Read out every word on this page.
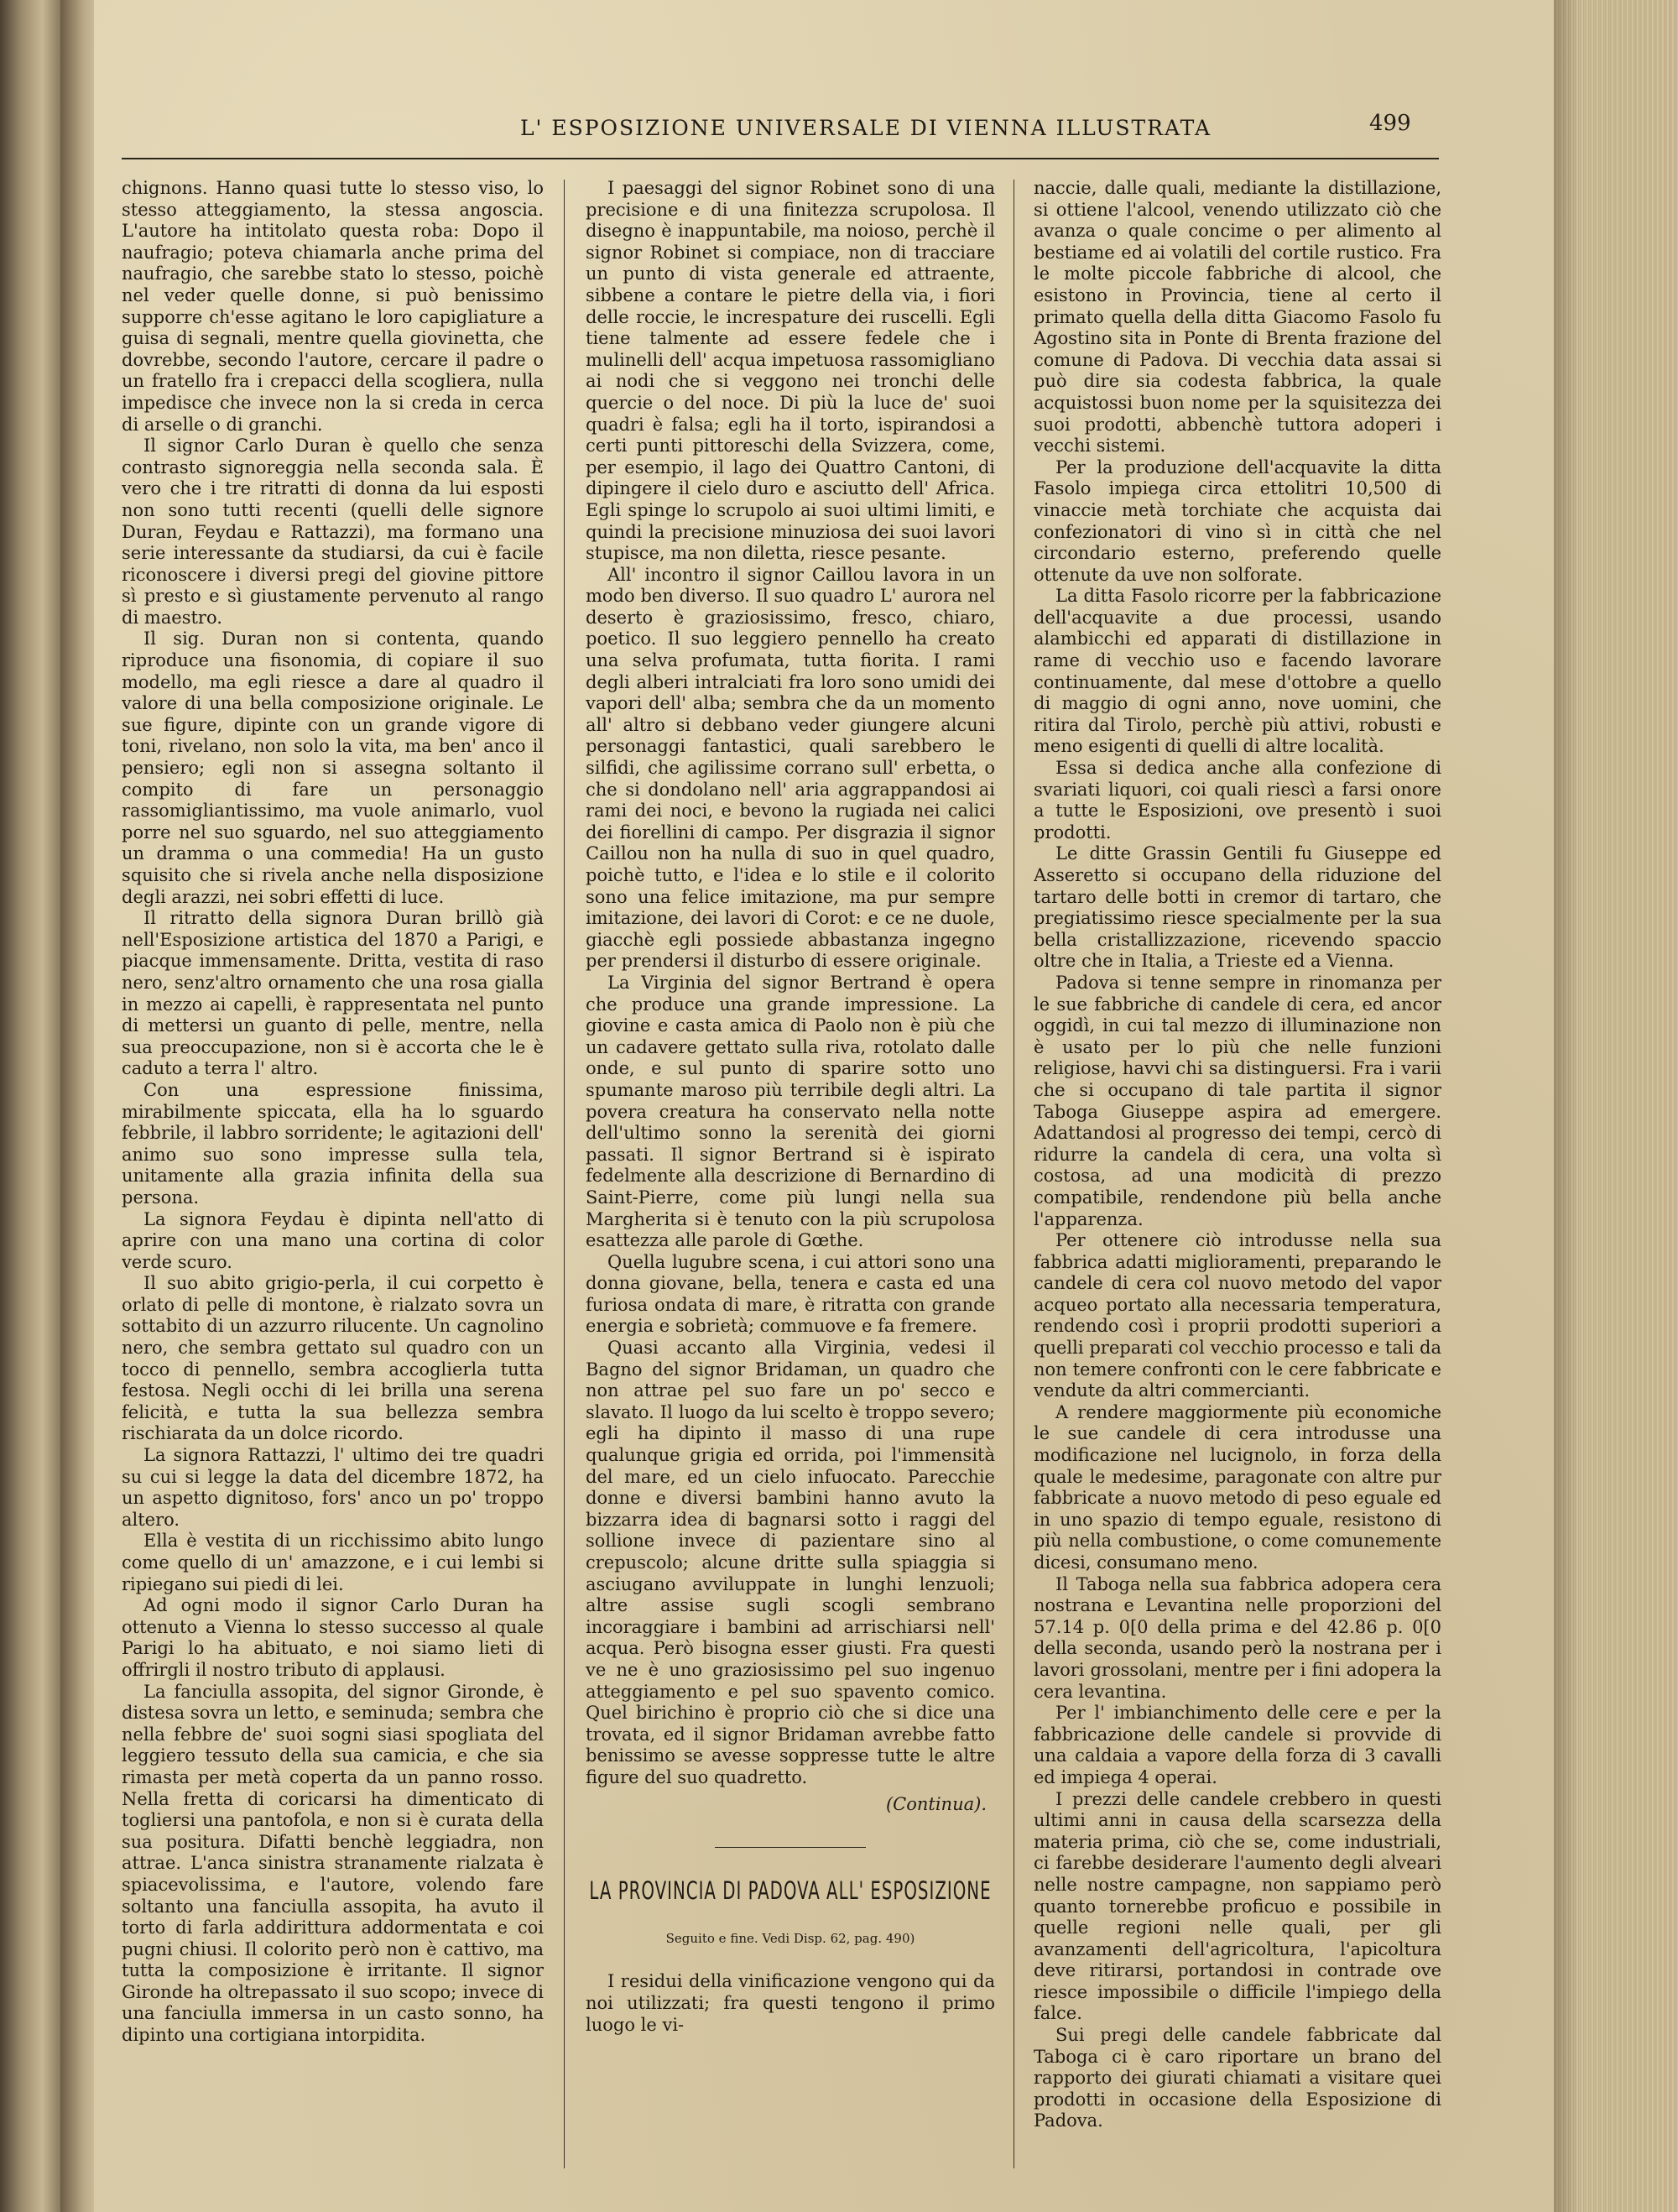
L' ESPOSIZIONE UNIVERSALE DI VIENNA ILLUSTRATA	499

chignons. Hanno quasi tutte lo stesso viso, lo stesso atteggiamento, la stessa angoscia. L'autore ha intitolato questa roba: Dopo il naufragio; poteva chiamarla anche prima del naufragio, che sarebbe stato lo stesso, poichè nel veder quelle donne, si può benissimo supporre ch'esse agitano le loro capigliature a guisa di segnali, mentre quella giovinetta, che dovrebbe, secondo l'autore, cercare il padre o un fratello fra i crepacci della scogliera, nulla impedisce che invece non la si creda in cerca di arselle o di granchi.

Il signor Carlo Duran è quello che senza contrasto signoreggia nella seconda sala. È vero che i tre ritratti di donna da lui esposti non sono tutti recenti (quelli delle signore Duran, Feydau e Rattazzi), ma formano una serie interessante da studiarsi, da cui è facile riconoscere i diversi pregi del giovine pittore sì presto e sì giustamente pervenuto al rango di maestro.

Il sig. Duran non si contenta, quando riproduce una fisonomia, di copiare il suo modello, ma egli riesce a dare al quadro il valore di una bella composizione originale. Le sue figure, dipinte con un grande vigore di toni, rivelano, non solo la vita, ma ben' anco il pensiero; egli non si assegna soltanto il compito di fare un personaggio rassomigliantissimo, ma vuole animarlo, vuol porre nel suo sguardo, nel suo atteggiamento un dramma o una commedia! Ha un gusto squisito che si rivela anche nella disposizione degli arazzi, nei sobri effetti di luce.

Il ritratto della signora Duran brillò già nell'Esposizione artistica del 1870 a Parigi, e piacque immensamente. Dritta, vestita di raso nero, senz'altro ornamento che una rosa gialla in mezzo ai capelli, è rappresentata nel punto di mettersi un guanto di pelle, mentre, nella sua preoccupazione, non si è accorta che le è caduto a terra l' altro.

Con una espressione finissima, mirabilmente spiccata, ella ha lo sguardo febbrile, il labbro sorridente; le agitazioni dell' animo suo sono impresse sulla tela, unitamente alla grazia infinita della sua persona.

La signora Feydau è dipinta nell'atto di aprire con una mano una cortina di color verde scuro.

Il suo abito grigio-perla, il cui corpetto è orlato di pelle di montone, è rialzato sovra un sottabito di un azzurro rilucente. Un cagnolino nero, che sembra gettato sul quadro con un tocco di pennello, sembra accoglierla tutta festosa. Negli occhi di lei brilla una serena felicità, e tutta la sua bellezza sembra rischiarata da un dolce ricordo.

La signora Rattazzi, l' ultimo dei tre quadri su cui si legge la data del dicembre 1872, ha un aspetto dignitoso, fors' anco un po' troppo altero.

Ella è vestita di un ricchissimo abito lungo come quello di un' amazzone, e i cui lembi si ripiegano sui piedi di lei.

Ad ogni modo il signor Carlo Duran ha ottenuto a Vienna lo stesso successo al quale Parigi lo ha abituato, e noi siamo lieti di offrirgli il nostro tributo di applausi.

La fanciulla assopita, del signor Gironde, è distesa sovra un letto, e seminuda; sembra che nella febbre de' suoi sogni siasi spogliata del leggiero tessuto della sua camicia, e che sia rimasta per metà coperta da un panno rosso. Nella fretta di coricarsi ha dimenticato di togliersi una pantofola, e non si è curata della sua positura. Difatti benchè leggiadra, non attrae. L'anca sinistra stranamente rialzata è spiacevolissima, e l'autore, volendo fare soltanto una fanciulla assopita, ha avuto il torto di farla addirittura addormentata e coi pugni chiusi. Il colorito però non è cattivo, ma tutta la composizione è irritante. Il signor Gironde ha oltrepassato il suo scopo; invece di una fanciulla immersa in un casto sonno, ha dipinto una cortigiana intorpidita.

I paesaggi del signor Robinet sono di una precisione e di una finitezza scrupolosa. Il disegno è inappuntabile, ma noioso, perchè il signor Robinet si compiace, non di tracciare un punto di vista generale ed attraente, sibbene a contare le pietre della via, i fiori delle roccie, le increspature dei ruscelli. Egli tiene talmente ad essere fedele che i mulinelli dell' acqua impetuosa rassomigliano ai nodi che si veggono nei tronchi delle quercie o del noce. Di più la luce de' suoi quadri è falsa; egli ha il torto, ispirandosi a certi punti pittoreschi della Svizzera, come, per esempio, il lago dei Quattro Cantoni, di dipingere il cielo duro e asciutto dell' Africa. Egli spinge lo scrupolo ai suoi ultimi limiti, e quindi la precisione minuziosa dei suoi lavori stupisce, ma non diletta, riesce pesante.

All' incontro il signor Caillou lavora in un modo ben diverso. Il suo quadro L' aurora nel deserto è graziosissimo, fresco, chiaro, poetico. Il suo leggiero pennello ha creato una selva profumata, tutta fiorita. I rami degli alberi intralciati fra loro sono umidi dei vapori dell' alba; sembra che da un momento all' altro si debbano veder giungere alcuni personaggi fantastici, quali sarebbero le silfidi, che agilissime corrano sull' erbetta, o che si dondolano nell' aria aggrappandosi ai rami dei noci, e bevono la rugiada nei calici dei fiorellini di campo. Per disgrazia il signor Caillou non ha nulla di suo in quel quadro, poichè tutto, e l'idea e lo stile e il colorito sono una felice imitazione, ma pur sempre imitazione, dei lavori di Corot: e ce ne duole, giacchè egli possiede abbastanza ingegno per prendersi il disturbo di essere originale.

La Virginia del signor Bertrand è opera che produce una grande impressione. La giovine e casta amica di Paolo non è più che un cadavere gettato sulla riva, rotolato dalle onde, e sul punto di sparire sotto uno spumante maroso più terribile degli altri. La povera creatura ha conservato nella notte dell'ultimo sonno la serenità dei giorni passati. Il signor Bertrand si è ispirato fedelmente alla descrizione di Bernardino di Saint-Pierre, come più lungi nella sua Margherita si è tenuto con la più scrupolosa esattezza alle parole di Gœthe.

Quella lugubre scena, i cui attori sono una donna giovane, bella, tenera e casta ed una furiosa ondata di mare, è ritratta con grande energia e sobrietà; commuove e fa fremere.

Quasi accanto alla Virginia, vedesi il Bagno del signor Bridaman, un quadro che non attrae pel suo fare un po' secco e slavato. Il luogo da lui scelto è troppo severo; egli ha dipinto il masso di una rupe qualunque grigia ed orrida, poi l'immensità del mare, ed un cielo infuocato. Parecchie donne e diversi bambini hanno avuto la bizzarra idea di bagnarsi sotto i raggi del sollione invece di pazientare sino al crepuscolo; alcune dritte sulla spiaggia si asciugano avviluppate in lunghi lenzuoli; altre assise sugli scogli sembrano incoraggiare i bambini ad arrischiarsi nell' acqua. Però bisogna esser giusti. Fra questi ve ne è uno graziosissimo pel suo ingenuo atteggiamento e pel suo spavento comico. Quel birichino è proprio ciò che si dice una trovata, ed il signor Bridaman avrebbe fatto benissimo se avesse soppresse tutte le altre figure del suo quadretto.

(Continua).
LA PROVINCIA DI PADOVA ALL' ESPOSIZIONE
Seguito e fine. Vedi Disp. 62, pag. 490)

I residui della vinificazione vengono qui da noi utilizzati; fra questi tengono il primo luogo le vi-

naccie, dalle quali, mediante la distillazione, si ottiene l'alcool, venendo utilizzato ciò che avanza o quale concime o per alimento al bestiame ed ai volatili del cortile rustico. Fra le molte piccole fabbriche di alcool, che esistono in Provincia, tiene al certo il primato quella della ditta Giacomo Fasolo fu Agostino sita in Ponte di Brenta frazione del comune di Padova. Di vecchia data assai si può dire sia codesta fabbrica, la quale acquistossi buon nome per la squisitezza dei suoi prodotti, abbenchè tuttora adoperi i vecchi sistemi.

Per la produzione dell'acquavite la ditta Fasolo impiega circa ettolitri 10,500 di vinaccie metà torchiate che acquista dai confezionatori di vino sì in città che nel circondario esterno, preferendo quelle ottenute da uve non solforate.

La ditta Fasolo ricorre per la fabbricazione dell'acquavite a due processi, usando alambicchi ed apparati di distillazione in rame di vecchio uso e facendo lavorare continuamente, dal mese d'ottobre a quello di maggio di ogni anno, nove uomini, che ritira dal Tirolo, perchè più attivi, robusti e meno esigenti di quelli di altre località.

Essa si dedica anche alla confezione di svariati liquori, coi quali riescì a farsi onore a tutte le Esposizioni, ove presentò i suoi prodotti.

Le ditte Grassin Gentili fu Giuseppe ed Asseretto si occupano della riduzione del tartaro delle botti in cremor di tartaro, che pregiatissimo riesce specialmente per la sua bella cristallizzazione, ricevendo spaccio oltre che in Italia, a Trieste ed a Vienna.

Padova si tenne sempre in rinomanza per le sue fabbriche di candele di cera, ed ancor oggidì, in cui tal mezzo di illuminazione non è usato per lo più che nelle funzioni religiose, havvi chi sa distinguersi. Fra i varii che si occupano di tale partita il signor Taboga Giuseppe aspira ad emergere. Adattandosi al progresso dei tempi, cercò di ridurre la candela di cera, una volta sì costosa, ad una modicità di prezzo compatibile, rendendone più bella anche l'apparenza.

Per ottenere ciò introdusse nella sua fabbrica adatti miglioramenti, preparando le candele di cera col nuovo metodo del vapor acqueo portato alla necessaria temperatura, rendendo così i proprii prodotti superiori a quelli preparati col vecchio processo e tali da non temere confronti con le cere fabbricate e vendute da altri commercianti.

A rendere maggiormente più economiche le sue candele di cera introdusse una modificazione nel lucignolo, in forza della quale le medesime, paragonate con altre pur fabbricate a nuovo metodo di peso eguale ed in uno spazio di tempo eguale, resistono di più nella combustione, o come comunemente dicesi, consumano meno.

Il Taboga nella sua fabbrica adopera cera nostrana e Levantina nelle proporzioni del 57.14 p. 0[0 della prima e del 42.86 p. 0[0 della seconda, usando però la nostrana per i lavori grossolani, mentre per i fini adopera la cera levantina.

Per l' imbianchimento delle cere e per la fabbricazione delle candele si provvide di una caldaia a vapore della forza di 3 cavalli ed impiega 4 operai.

I prezzi delle candele crebbero in questi ultimi anni in causa della scarsezza della materia prima, ciò che se, come industriali, ci farebbe desiderare l'aumento degli alveari nelle nostre campagne, non sappiamo però quanto tornerebbe proficuo e possibile in quelle regioni nelle quali, per gli avanzamenti dell'agricoltura, l'apicoltura deve ritirarsi, portandosi in contrade ove riesce impossibile o difficile l'impiego della falce.

Sui pregi delle candele fabbricate dal Taboga ci è caro riportare un brano del rapporto dei giurati chiamati a visitare quei prodotti in occasione della Esposizione di Padova.
